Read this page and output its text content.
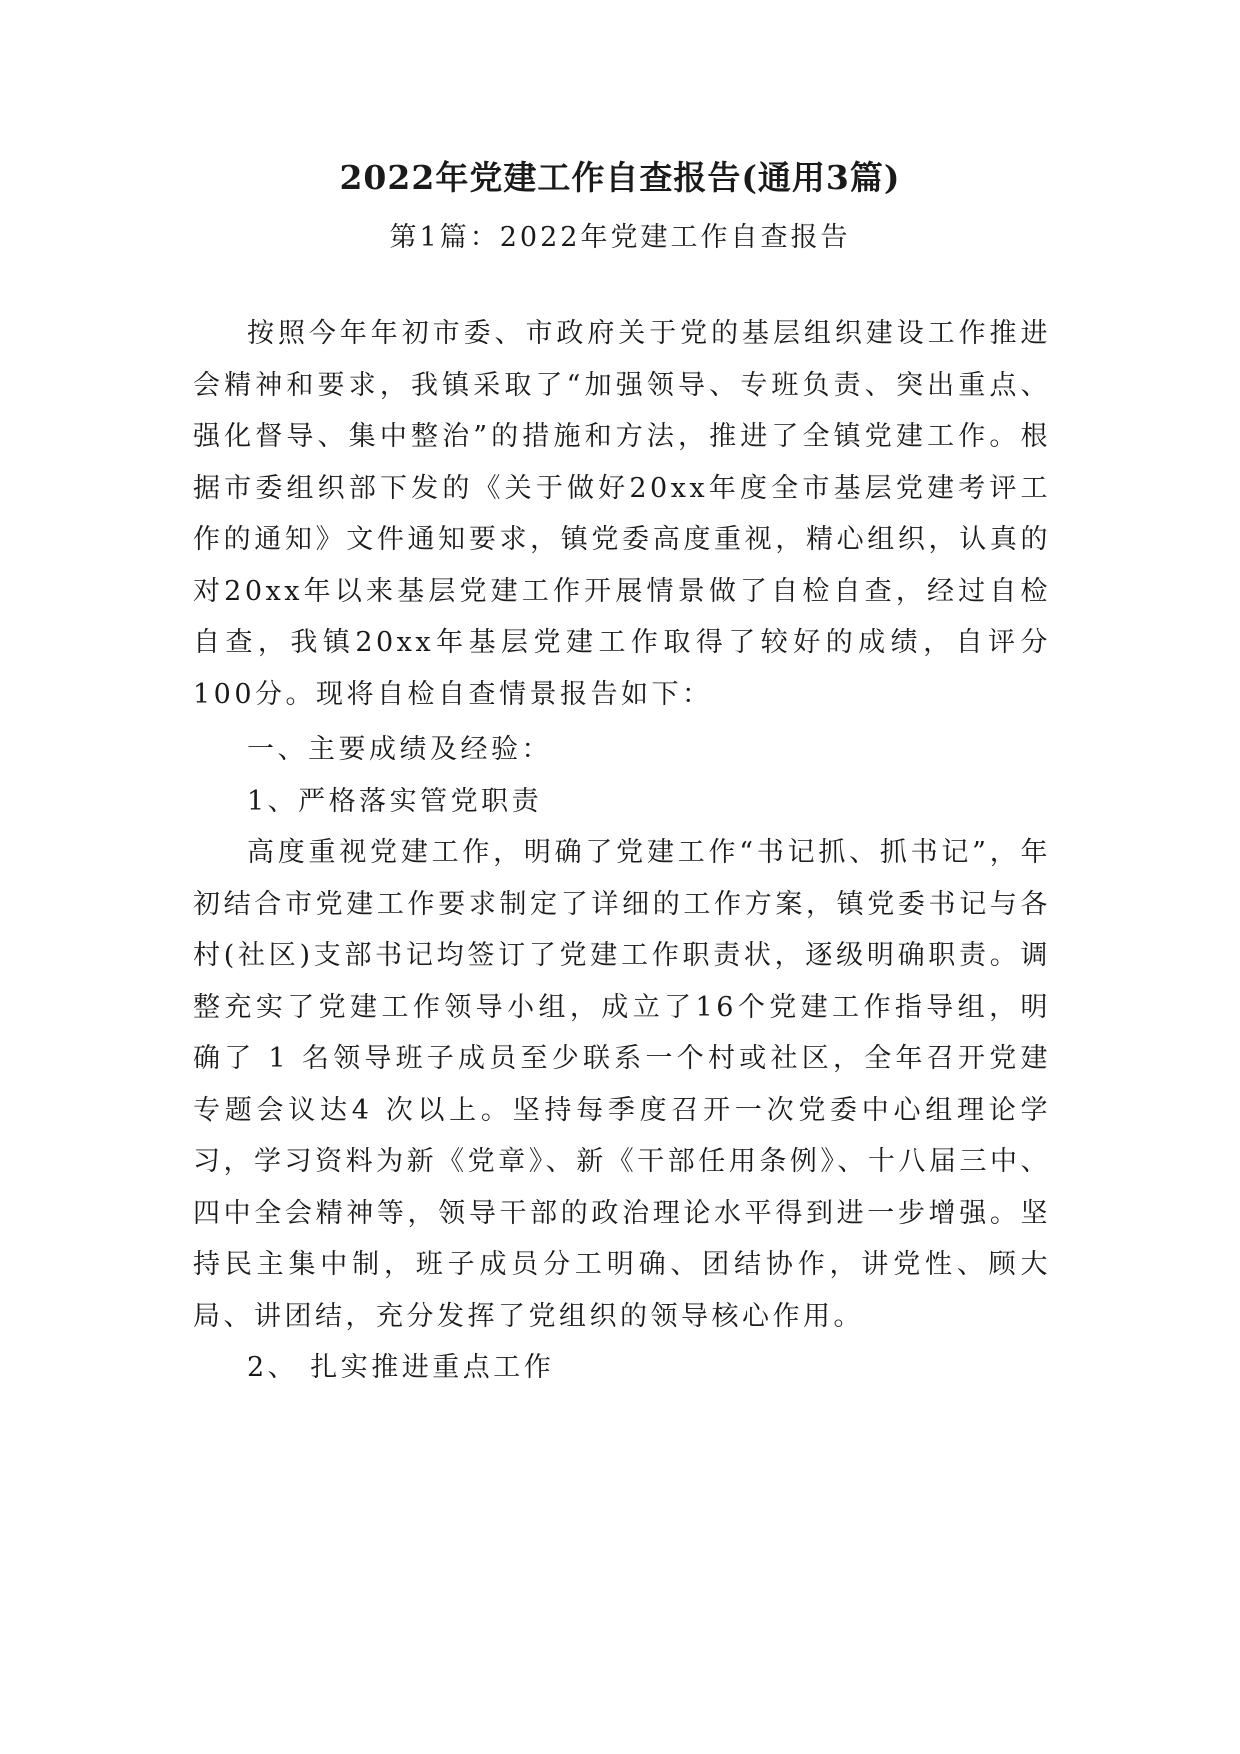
2022年党建工作自查报告(通用3篇)
第1篇：2022年党建工作自查报告

按照今年年初市委、市政府关于党的基层组织建设工作推进会精神和要求，我镇采取了“加强领导、专班负责、突出重点、强化督导、集中整治”的措施和方法，推进了全镇党建工作。根据市委组织部下发的《关于做好20xx年度全市基层党建考评工作的通知》文件通知要求，镇党委高度重视，精心组织，认真的对20xx年以来基层党建工作开展情景做了自检自查，经过自检自查，我镇20xx年基层党建工作取得了较好的成绩，自评分100分。现将自检自查情景报告如下：

一、主要成绩及经验：

1、严格落实管党职责

高度重视党建工作，明确了党建工作“书记抓、抓书记”，年初结合市党建工作要求制定了详细的工作方案，镇党委书记与各村(社区)支部书记均签订了党建工作职责状，逐级明确职责。调整充实了党建工作领导小组，成立了16个党建工作指导组，明确了 1 名领导班子成员至少联系一个村或社区，全年召开党建专题会议达4 次以上。坚持每季度召开一次党委中心组理论学习，学习资料为新《党章》、新《干部任用条例》、十八届三中、四中全会精神等，领导干部的政治理论水平得到进一步增强。坚持民主集中制，班子成员分工明确、团结协作，讲党性、顾大局、讲团结，充分发挥了党组织的领导核心作用。

2、 扎实推进重点工作
